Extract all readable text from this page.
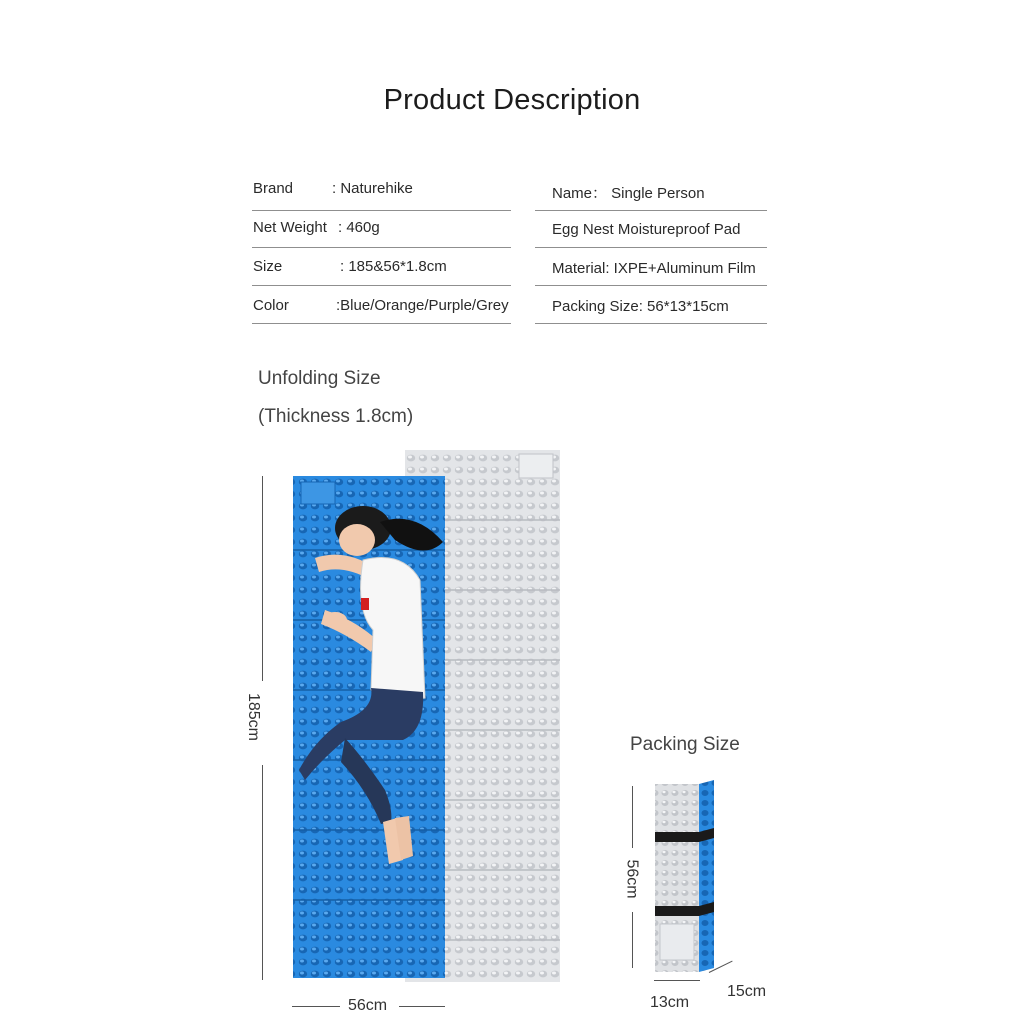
Product Description
Brand	: Naturehike
Net Weight : 460g
Size	: 185&56*1.8cm
Color	:Blue/Orange/Purple/Grey
Name： Single Person
Egg Nest Moistureproof Pad
Material: IXPE+Aluminum Film
Packing Size: 56*13*15cm
Unfolding Size
(Thickness 1.8cm)
185cm
56cm
Packing Size
56cm
13cm
15cm
